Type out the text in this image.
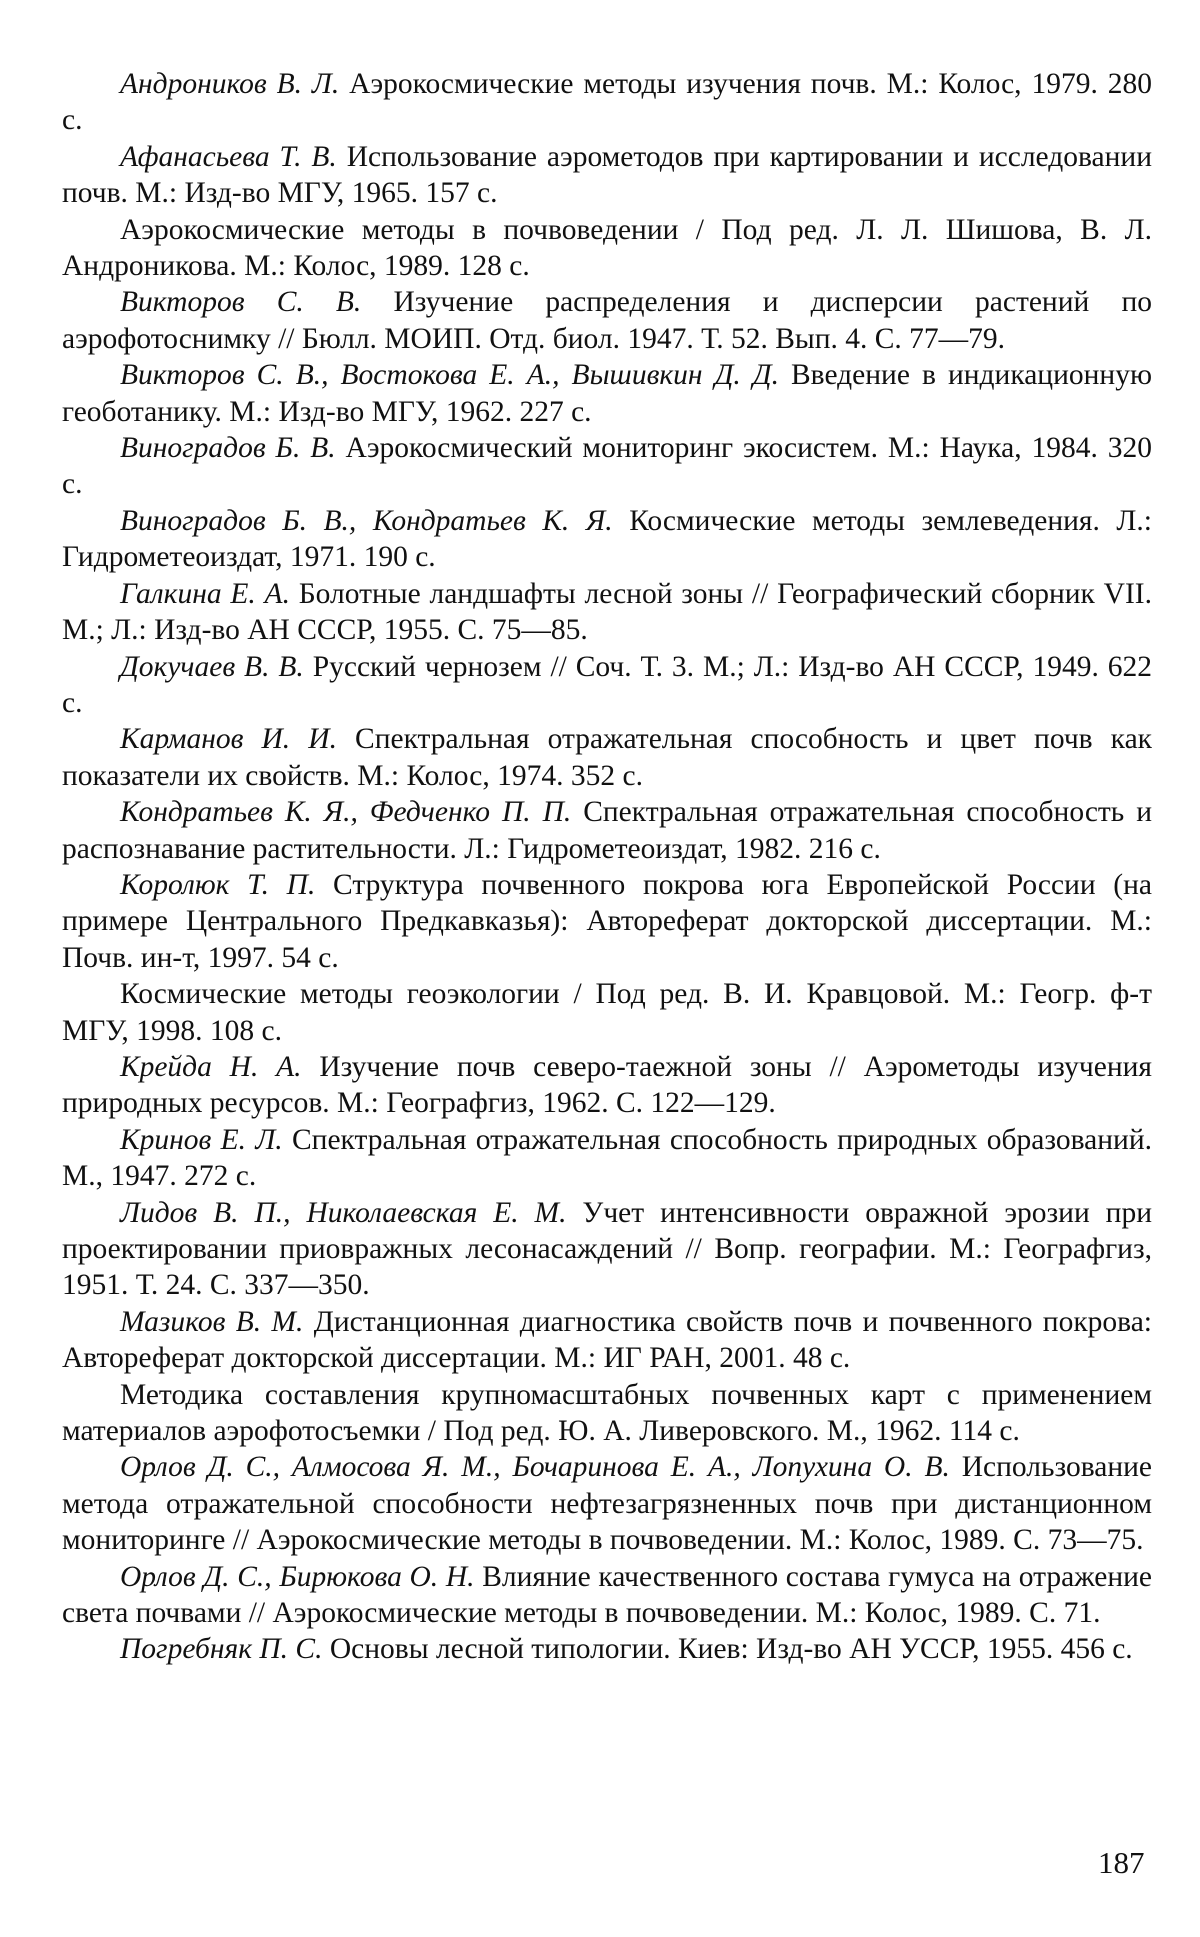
Андроников В. Л. Аэрокосмические методы изучения почв. М.: Колос, 1979. 280 с.

Афанасьева Т. В. Использование аэрометодов при картировании и исследовании почв. М.: Изд-во МГУ, 1965. 157 с.

Аэрокосмические методы в почвоведении / Под ред. Л. Л. Шишова, В. Л. Андроникова. М.: Колос, 1989. 128 с.

Викторов С. В. Изучение распределения и дисперсии растений по аэрофотоснимку // Бюлл. МОИП. Отд. биол. 1947. Т. 52. Вып. 4. С. 77—79.

Викторов С. В., Востокова Е. А., Вышивкин Д. Д. Введение в индикационную геоботанику. М.: Изд-во МГУ, 1962. 227 с.

Виноградов Б. В. Аэрокосмический мониторинг экосистем. М.: Наука, 1984. 320 с.

Виноградов Б. В., Кондратьев К. Я. Космические методы землеведения. Л.: Гидрометеоиздат, 1971. 190 с.

Галкина Е. А. Болотные ландшафты лесной зоны // Географический сборник VII. М.; Л.: Изд-во АН СССР, 1955. С. 75—85.

Докучаев В. В. Русский чернозем // Соч. Т. 3. М.; Л.: Изд-во АН СССР, 1949. 622 с.

Карманов И. И. Спектральная отражательная способность и цвет почв как показатели их свойств. М.: Колос, 1974. 352 с.

Кондратьев К. Я., Федченко П. П. Спектральная отражательная способность и распознавание растительности. Л.: Гидрометеоиздат, 1982. 216 с.

Королюк Т. П. Структура почвенного покрова юга Европейской России (на примере Центрального Предкавказья): Автореферат докторской диссертации. М.: Почв. ин-т, 1997. 54 с.

Космические методы геоэкологии / Под ред. В. И. Кравцовой. М.: Геогр. ф-т МГУ, 1998. 108 с.

Крейда Н. А. Изучение почв северо-таежной зоны // Аэрометоды изучения природных ресурсов. М.: Географгиз, 1962. С. 122—129.

Кринов Е. Л. Спектральная отражательная способность природных образований. М., 1947. 272 с.

Лидов В. П., Николаевская Е. М. Учет интенсивности овражной эрозии при проектировании приовражных лесонасаждений // Вопр. географии. М.: Географгиз, 1951. Т. 24. С. 337—350.

Мазиков В. М. Дистанционная диагностика свойств почв и почвенного покрова: Автореферат докторской диссертации. М.: ИГ РАН, 2001. 48 с.

Методика составления крупномасштабных почвенных карт с применением материалов аэрофотосъемки / Под ред. Ю. А. Ливеровского. М., 1962. 114 с.

Орлов Д. С., Алмосова Я. М., Бочаринова Е. А., Лопухина О. В. Использование метода отражательной способности нефтезагрязненных почв при дистанционном мониторинге // Аэрокосмические методы в почвоведении. М.: Колос, 1989. С. 73—75.

Орлов Д. С., Бирюкова О. Н. Влияние качественного состава гумуса на отражение света почвами // Аэрокосмические методы в почвоведении. М.: Колос, 1989. С. 71.

Погребняк П. С. Основы лесной типологии. Киев: Изд-во АН УССР, 1955. 456 с.

187
